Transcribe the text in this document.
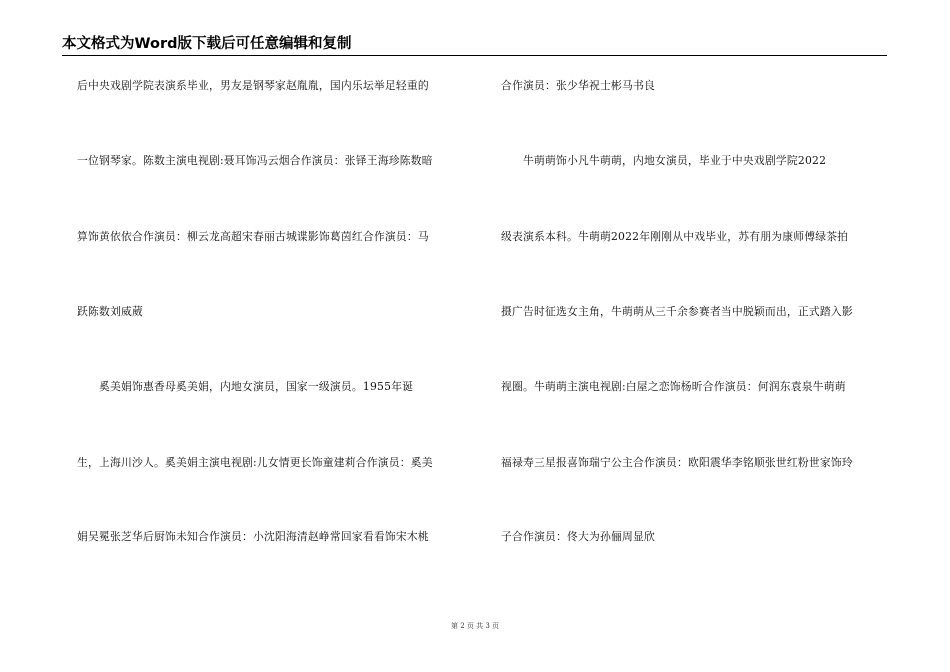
本文格式为Word版下载后可任意编辑和复制
后中央戏剧学院表演系毕业，男友是钢琴家赵胤胤，国内乐坛举足轻重的
一位钢琴家。陈数主演电视剧:聂耳饰冯云烟合作演员：张铎王海珍陈数暗
算饰黄依依合作演员：柳云龙高超宋春丽古城谍影饰葛茵红合作演员：马
跃陈数刘威葳
　　奚美娟饰惠香母奚美娟，内地女演员，国家一级演员。1955年诞
生，上海川沙人。奚美娟主演电视剧:儿女情更长饰童建莉合作演员：奚美
娟吴冕张芝华后厨饰未知合作演员：小沈阳海清赵峥常回家看看饰宋木桃
合作演员：张少华祝士彬马书良
　　牛萌萌饰小凡牛萌萌，内地女演员，毕业于中央戏剧学院2022
级表演系本科。牛萌萌2022年刚刚从中戏毕业，苏有朋为康师傅绿茶拍
摄广告时征选女主角，牛萌萌从三千余参赛者当中脱颖而出，正式踏入影
视圈。牛萌萌主演电视剧:白屋之恋饰杨昕合作演员：何润东袁泉牛萌萌
福禄寿三星报喜饰瑞宁公主合作演员：欧阳震华李铭顺张世红粉世家饰玲
子合作演员：佟大为孙俪周显欣
第 2 页 共 3 页
